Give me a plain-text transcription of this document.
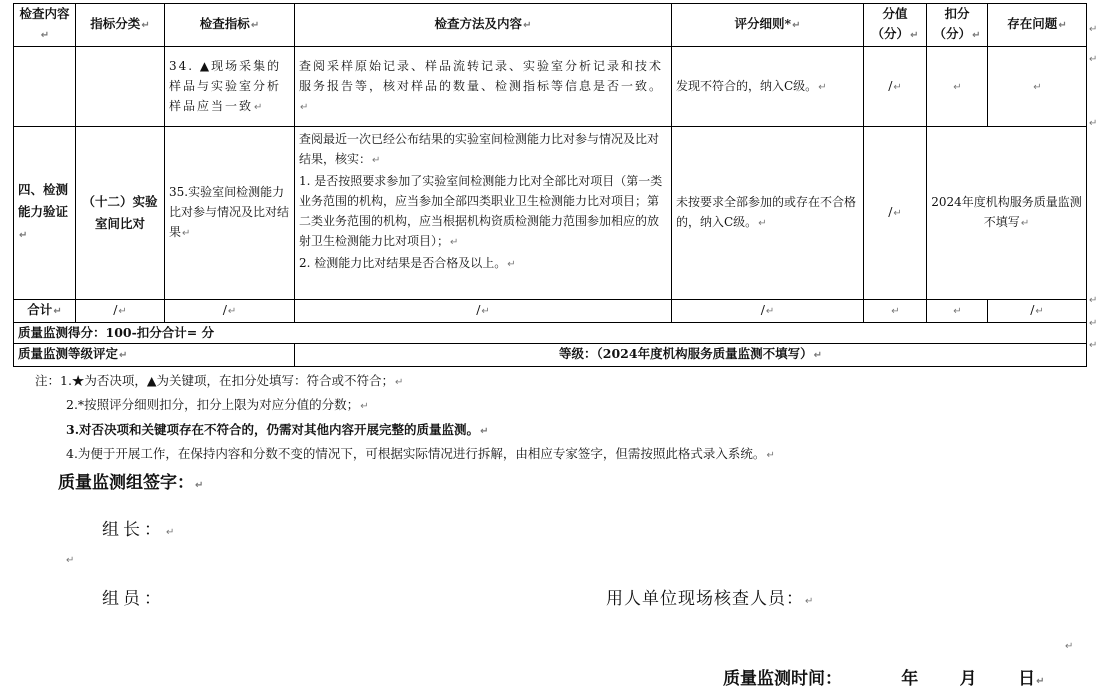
检查内容↵	指标分类↵	检查指标↵	检查方法及内容↵	评分细则*↵	分值（分）↵	扣分（分）↵	存在问题↵
		34. ▲现场采集的样品与实验室分析样品应当一致↵	查阅采样原始记录、样品流转记录、实验室分析记录和技术服务报告等，核对样品的数量、检测指标等信息是否一致。↵	发现不符合的，纳入C级。↵	/↵	↵	↵
四、检测能力验证↵	（十二）实验室间比对	35.实验室间检测能力比对参与情况及比对结果↵	查阅最近一次已经公布结果的实验室间检测能力比对参与情况及比对结果，核实：↵
1. 是否按照要求参加了实验室间检测能力比对全部比对项目（第一类业务范围的机构，应当参加全部四类职业卫生检测能力比对项目；第二类业务范围的机构，应当根据机构资质检测能力范围参加相应的放射卫生检测能力比对项目）；↵
2. 检测能力比对结果是否合格及以上。↵	未按要求全部参加的或存在不合格的，纳入C级。↵	/↵	2024年度机构服务质量监测不填写↵	
合计↵	/↵	/↵	/↵	/↵	↵	↵	/↵
质量监测得分：100-扣分合计= 分							
质量监测等级评定↵			等级：（2024年度机构服务质量监测不填写）↵				
↵
↵
↵
↵
↵
↵
注：1.★为否决项，▲为关键项，在扣分处填写：符合或不符合；↵
2.*按照评分细则扣分，扣分上限为对应分值的分数；↵
3.对否决项和关键项存在不符合的，仍需对其他内容开展完整的质量监测。↵
4.为便于开展工作，在保持内容和分数不变的情况下，可根据实际情况进行拆解，由相应专家签字，但需按照此格式录入系统。↵
质量监测组签字：↵
组长：↵
↵
组员：	用人单位现场核查人员：↵
↵
质量监测时间：	年 月 日↵
